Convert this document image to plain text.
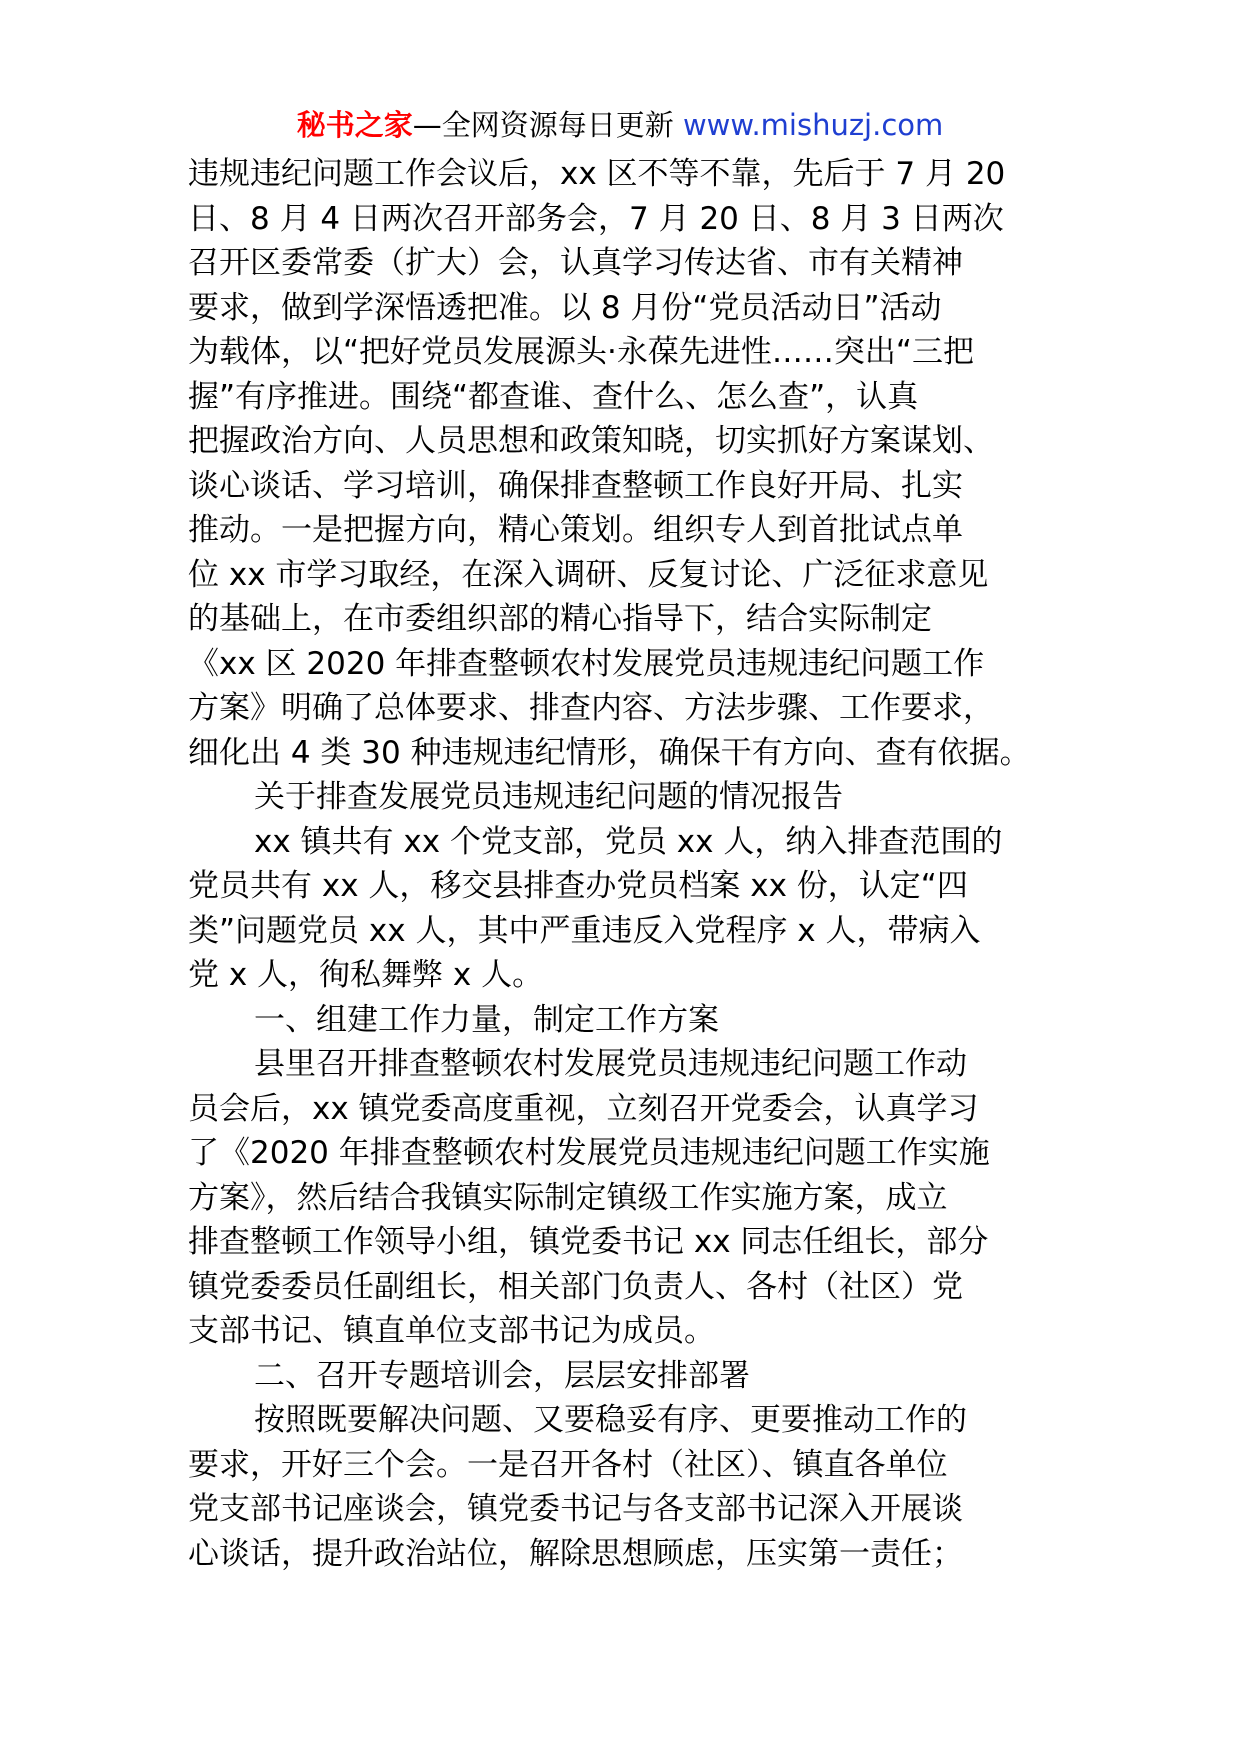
秘书之家—全网资源每日更新 www.mishuzj.com
违规违纪问题工作会议后，xx 区不等不靠，先后于 7 月 20
日、8 月 4 日两次召开部务会，7 月 20 日、8 月 3 日两次
召开区委常委（扩大）会，认真学习传达省、市有关精神
要求，做到学深悟透把准。以 8 月份“党员活动日”活动
为载体，以“把好党员发展源头·永葆先进性……突出“三把
握”有序推进。围绕“都查谁、查什么、怎么查”，认真
把握政治方向、人员思想和政策知晓，切实抓好方案谋划、
谈心谈话、学习培训，确保排查整顿工作良好开局、扎实
推动。一是把握方向，精心策划。组织专人到首批试点单
位 xx 市学习取经，在深入调研、反复讨论、广泛征求意见
的基础上，在市委组织部的精心指导下，结合实际制定
《xx 区 2020 年排查整顿农村发展党员违规违纪问题工作
方案》明确了总体要求、排查内容、方法步骤、工作要求，
细化出 4 类 30 种违规违纪情形，确保干有方向、查有依据。
关于排查发展党员违规违纪问题的情况报告
xx 镇共有 xx 个党支部，党员 xx 人，纳入排查范围的
党员共有 xx 人，移交县排查办党员档案 xx 份，认定“四
类”问题党员 xx 人，其中严重违反入党程序 x 人，带病入
党 x 人，徇私舞弊 x 人。
一、组建工作力量，制定工作方案
县里召开排查整顿农村发展党员违规违纪问题工作动
员会后，xx 镇党委高度重视，立刻召开党委会，认真学习
了《2020 年排查整顿农村发展党员违规违纪问题工作实施
方案》，然后结合我镇实际制定镇级工作实施方案，成立
排查整顿工作领导小组，镇党委书记 xx 同志任组长，部分
镇党委委员任副组长，相关部门负责人、各村（社区）党
支部书记、镇直单位支部书记为成员。
二、召开专题培训会，层层安排部署
按照既要解决问题、又要稳妥有序、更要推动工作的
要求，开好三个会。一是召开各村（社区）、镇直各单位
党支部书记座谈会，镇党委书记与各支部书记深入开展谈
心谈话，提升政治站位，解除思想顾虑，压实第一责任；
